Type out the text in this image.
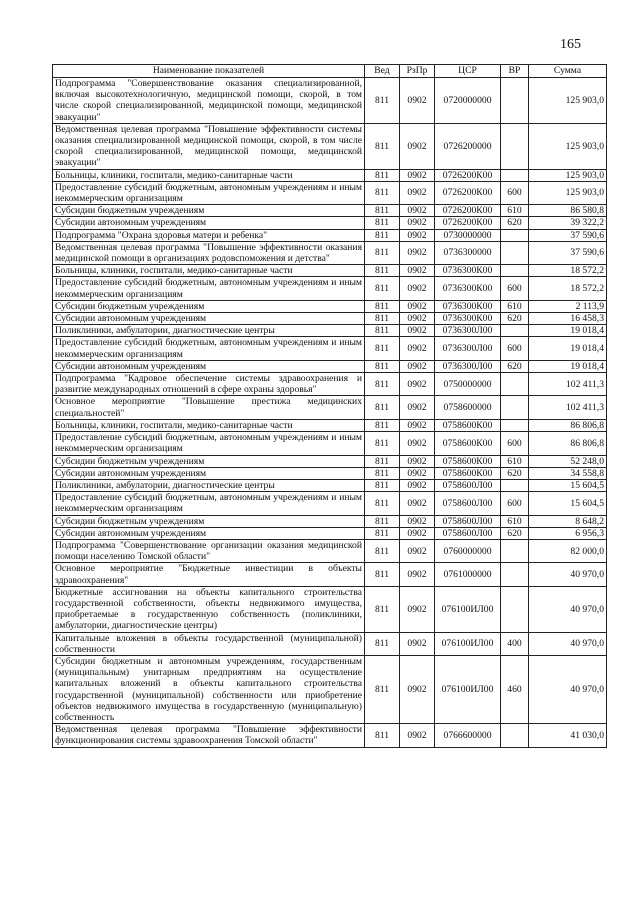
165
Наименование показателей	Вед	РзПр	ЦСР	ВР	Сумма
Подпрограмма "Совершенствование оказания специализированной, включая высокотехнологичную, медицинской помощи, скорой, в том числе скорой специализированной, медицинской помощи, медицинской эвакуации"	811	0902	0720000000		125 903,0
Ведомственная целевая программа "Повышение эффективности системы оказания специализированной медицинской помощи, скорой, в том числе скорой специализированной, медицинской помощи, медицинской эвакуации"	811	0902	0726200000		125 903,0
Больницы, клиники, госпитали, медико-санитарные части	811	0902	0726200К00		125 903,0
Предоставление субсидий бюджетным, автономным учреждениям и иным некоммерческим организациям	811	0902	0726200К00	600	125 903,0
Субсидии бюджетным учреждениям	811	0902	0726200К00	610	86 580,8
Субсидии автономным учреждениям	811	0902	0726200К00	620	39 322,2
Подпрограмма "Охрана здоровья матери и ребенка"	811	0902	0730000000		37 590,6
Ведомственная целевая программа "Повышение эффективности оказания медицинской помощи в организациях родовспоможения и детства"	811	0902	0736300000		37 590,6
Больницы, клиники, госпитали, медико-санитарные части	811	0902	0736300К00		18 572,2
Предоставление субсидий бюджетным, автономным учреждениям и иным некоммерческим организациям	811	0902	0736300К00	600	18 572,2
Субсидии бюджетным учреждениям	811	0902	0736300К00	610	2 113,9
Субсидии автономным учреждениям	811	0902	0736300К00	620	16 458,3
Поликлиники, амбулатории, диагностические центры	811	0902	0736300Л00		19 018,4
Предоставление субсидий бюджетным, автономным учреждениям и иным некоммерческим организациям	811	0902	0736300Л00	600	19 018,4
Субсидии автономным учреждениям	811	0902	0736300Л00	620	19 018,4
Подпрограмма "Кадровое обеспечение системы здравоохранения и развитие международных отношений в сфере охраны здоровья"	811	0902	0750000000		102 411,3
Основное мероприятие "Повышение престижа медицинских специальностей"	811	0902	0758600000		102 411,3
Больницы, клиники, госпитали, медико-санитарные части	811	0902	0758600К00		86 806,8
Предоставление субсидий бюджетным, автономным учреждениям и иным некоммерческим организациям	811	0902	0758600К00	600	86 806,8
Субсидии бюджетным учреждениям	811	0902	0758600К00	610	52 248,0
Субсидии автономным учреждениям	811	0902	0758600К00	620	34 558,8
Поликлиники, амбулатории, диагностические центры	811	0902	0758600Л00		15 604,5
Предоставление субсидий бюджетным, автономным учреждениям и иным некоммерческим организациям	811	0902	0758600Л00	600	15 604,5
Субсидии бюджетным учреждениям	811	0902	0758600Л00	610	8 648,2
Субсидии автономным учреждениям	811	0902	0758600Л00	620	6 956,3
Подпрограмма "Совершенствование организации оказания медицинской помощи населению Томской области"	811	0902	0760000000		82 000,0
Основное мероприятие "Бюджетные инвестиции в объекты здравоохранения"	811	0902	0761000000		40 970,0
Бюджетные ассигнования на объекты капитального строительства государственной собственности, объекты недвижимого имущества, приобретаемые в государственную собственность (поликлиники, амбулатории, диагностические центры)	811	0902	076100ИЛ00		40 970,0
Капитальные вложения в объекты государственной (муниципальной) собственности	811	0902	076100ИЛ00	400	40 970,0
Субсидии бюджетным и автономным учреждениям, государственным (муниципальным) унитарным предприятиям на осуществление капитальных вложений в объекты капитального строительства государственной (муниципальной) собственности или приобретение объектов недвижимого имущества в государственную (муниципальную) собственность	811	0902	076100ИЛ00	460	40 970,0
Ведомственная целевая программа "Повышение эффективности функционирования системы здравоохранения Томской области"	811	0902	0766600000		41 030,0
